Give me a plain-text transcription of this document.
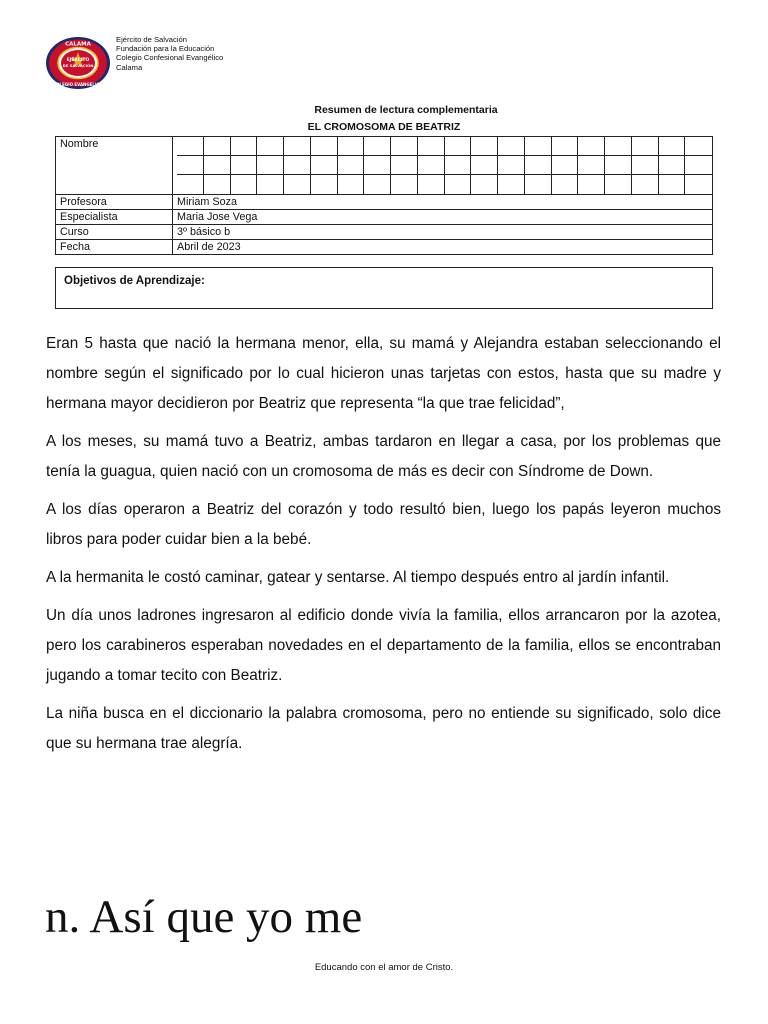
CALAMA
COLEGIO EVANGELICO
EJÉRCITO
DE SALVACIÓN
Ejército de Salvación
Fundación para la Educación
Colegio Confesional Evangélico
Calama
Resumen de lectura complementaria
EL CROMOSOMA DE BEATRIZ
Nombre	

Profesora	Miriam Soza
Especialista	Maria Jose Vega
Curso	3º básico b
Fecha	Abril de 2023
Objetivos de Aprendizaje:

Eran 5 hasta que nació la hermana menor, ella, su mamá y Alejandra estaban seleccionando el nombre según el significado por lo cual hicieron unas tarjetas con estos, hasta que su madre y hermana mayor decidieron por Beatriz que representa “la que trae felicidad”,

A los meses, su mamá tuvo a Beatriz, ambas tardaron en llegar a casa, por los problemas que tenía la guagua, quien nació con un cromosoma de más es decir con Síndrome de Down.

A los días operaron a Beatriz del corazón y todo resultó bien, luego los papás leyeron muchos libros para poder cuidar bien a la bebé.

A la hermanita le costó caminar, gatear y sentarse. Al tiempo después entro al jardín infantil.

Un día unos ladrones ingresaron al edificio donde vivía la familia, ellos arrancaron por la azotea, pero los carabineros esperaban novedades en el departamento de la familia, ellos se encontraban jugando a tomar tecito con Beatriz.

La niña busca en el diccionario la palabra cromosoma, pero no entiende su significado, solo dice que su hermana trae alegría.

n. Así que yo me
Educando con el amor de Cristo.
